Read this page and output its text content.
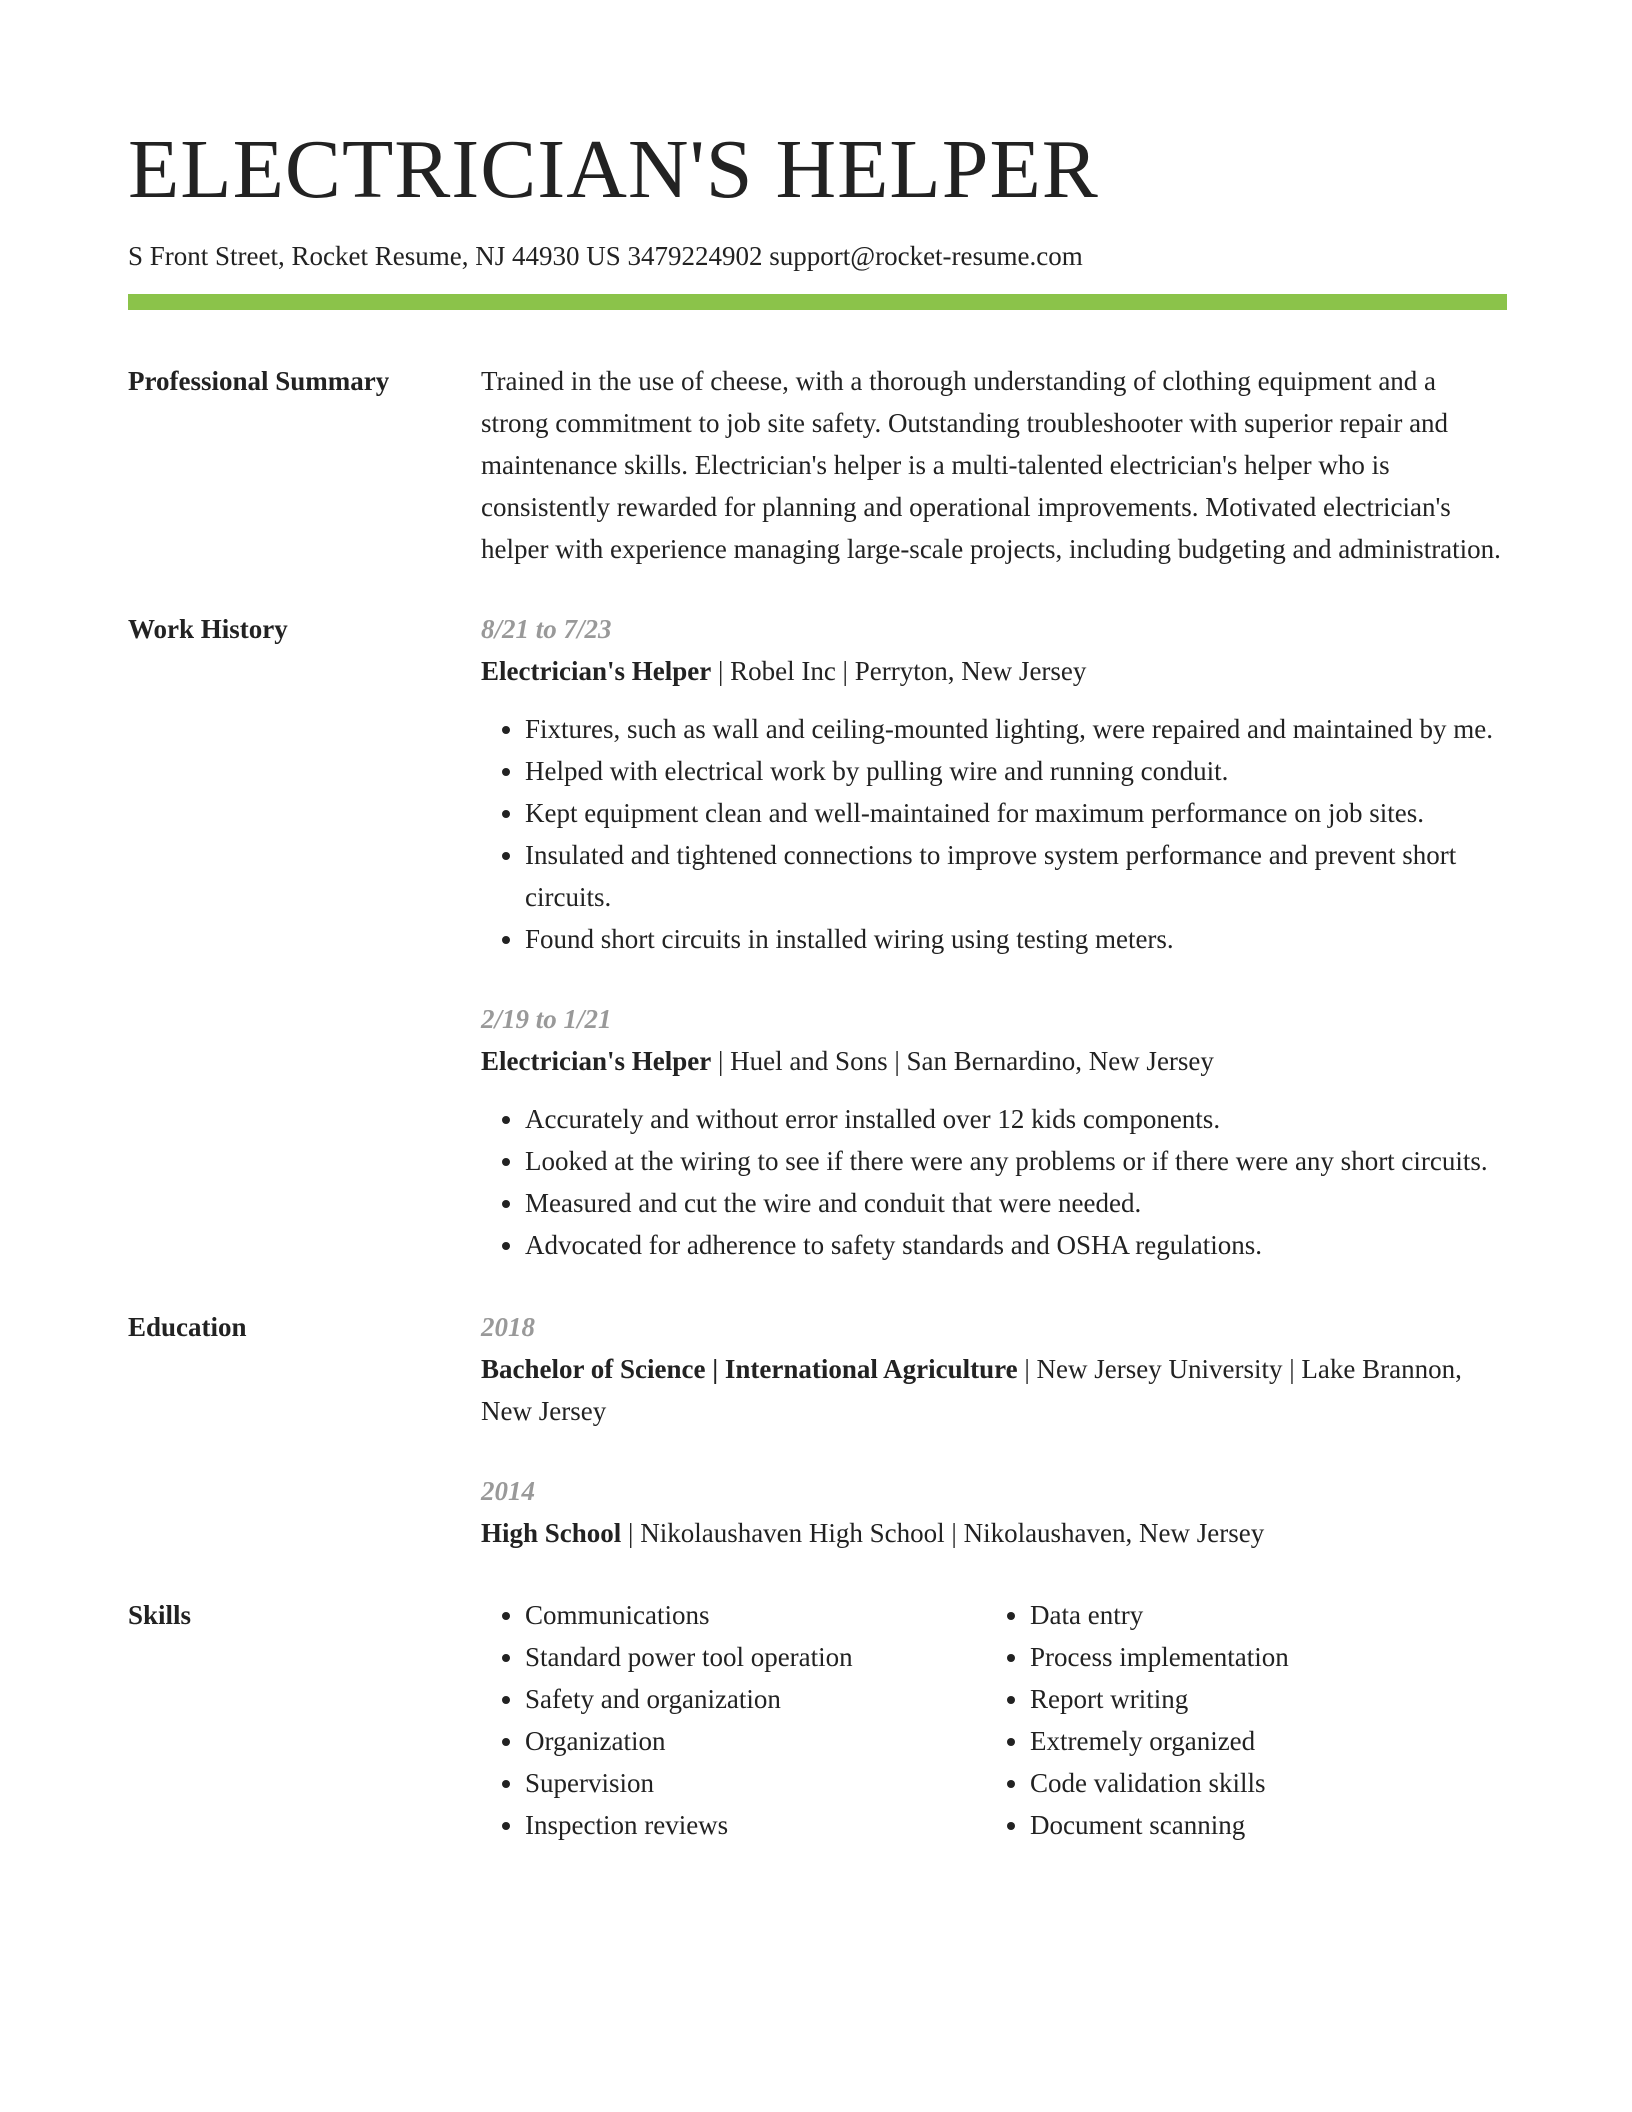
ELECTRICIAN'S HELPER
S Front Street, Rocket Resume, NJ 44930 US 3479224902 support@rocket-resume.com
Professional Summary	Trained in the use of cheese, with a thorough understanding of clothing equipment and a strong commitment to job site safety. Outstanding troubleshooter with superior repair and maintenance skills. Electrician's helper is a multi-talented electrician's helper who is consistently rewarded for planning and operational improvements. Motivated electrician's helper with experience managing large-scale projects, including budgeting and administration.
Work History	8/21 to 7/23
Electrician's Helper | Robel Inc | Perryton, New Jersey
• Fixtures, such as wall and ceiling-mounted lighting, were repaired and maintained by me.
• Helped with electrical work by pulling wire and running conduit.
• Kept equipment clean and well-maintained for maximum performance on job sites.
• Insulated and tightened connections to improve system performance and prevent short circuits.
• Found short circuits in installed wiring using testing meters.
2/19 to 1/21
Electrician's Helper | Huel and Sons | San Bernardino, New Jersey
• Accurately and without error installed over 12 kids components.
• Looked at the wiring to see if there were any problems or if there were any short circuits.
• Measured and cut the wire and conduit that were needed.
• Advocated for adherence to safety standards and OSHA regulations.
Education	2018
Bachelor of Science | International Agriculture | New Jersey University | Lake Brannon, New Jersey
2014
High School | Nikolaushaven High School | Nikolaushaven, New Jersey
Skills
•	Communications
• Standard power tool operation
• Safety and organization
• Organization
• Supervision
• Inspection reviews
• Data entry
• Process implementation
• Report writing
• Extremely organized
• Code validation skills
• Document scanning
